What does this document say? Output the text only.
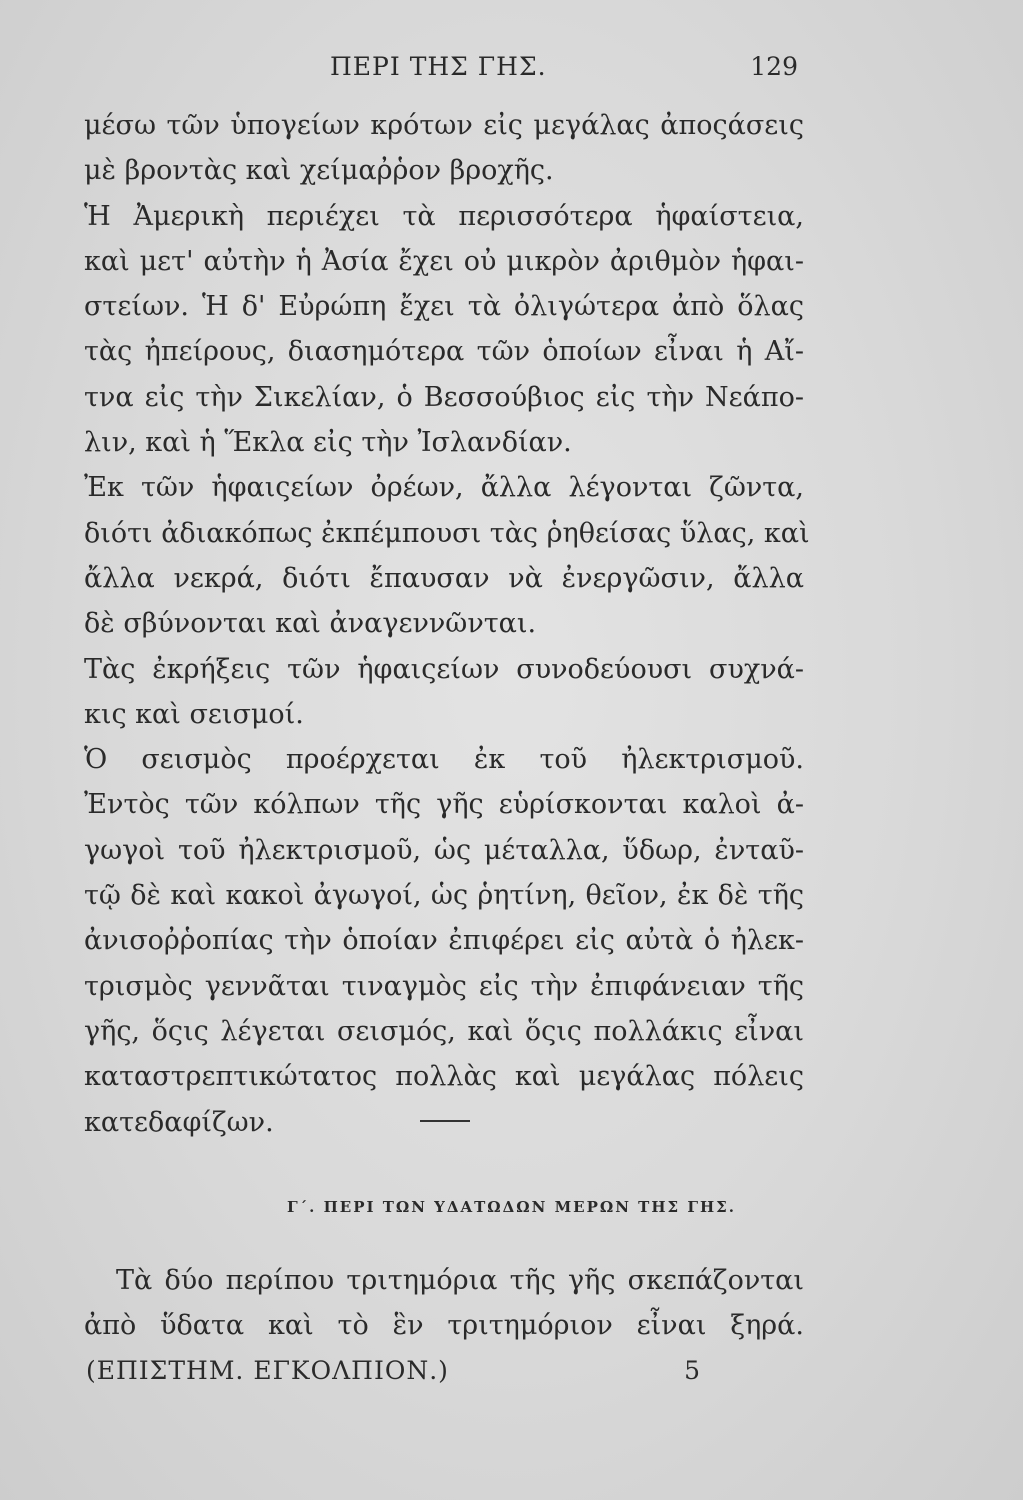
ΠΕΡΙ ΤΗΣ ΓΗΣ.	129
μέσω τῶν ὑπογείων κρότων εἰς μεγάλας ἀποςάσεις
μὲ βροντὰς καὶ χείμαῤῥον βροχῆς.
Ἡ Ἀμερικὴ περιέχει τὰ περισσότερα ἡφαίστεια,
καὶ μετ' αὐτὴν ἡ Ἀσία ἔχει οὐ μικρὸν ἀριθμὸν ἡφαι-
στείων. Ἡ δ' Εὐρώπη ἔχει τὰ ὀλιγώτερα ἀπὸ ὅλας
τὰς ἠπείρους, διασημότερα τῶν ὁποίων εἶναι ἡ Αἴ-
τνα εἰς τὴν Σικελίαν, ὁ Βεσσούβιος εἰς τὴν Νεάπο-
λιν, καὶ ἡ Ἕκλα εἰς τὴν Ἰσλανδίαν.
Ἐκ τῶν ἡφαιςείων ὀρέων, ἄλλα λέγονται ζῶντα,
διότι ἀδιακόπως ἐκπέμπουσι τὰς ῥηθείσας ὕλας, καὶ
ἄλλα νεκρά, διότι ἔπαυσαν νὰ ἐνεργῶσιν, ἄλλα
δὲ σβύνονται καὶ ἀναγεννῶνται.
Τὰς ἐκρήξεις τῶν ἡφαιςείων συνοδεύουσι συχνά-
κις καὶ σεισμοί.
Ὁ σεισμὸς προέρχεται ἐκ τοῦ ἠλεκτρισμοῦ.
Ἐντὸς τῶν κόλπων τῆς γῆς εὑρίσκονται καλοὶ ἀ-
γωγοὶ τοῦ ἠλεκτρισμοῦ, ὡς μέταλλα, ὕδωρ, ἐνταῦ-
τῷ δὲ καὶ κακοὶ ἀγωγοί, ὡς ῥητίνη, θεῖον, ἐκ δὲ τῆς
ἀνισοῤῥοπίας τὴν ὁποίαν ἐπιφέρει εἰς αὐτὰ ὁ ἠλεκ-
τρισμὸς γεννᾶται τιναγμὸς εἰς τὴν ἐπιφάνειαν τῆς
γῆς, ὅςις λέγεται σεισμός, καὶ ὅςις πολλάκις εἶναι
καταστρεπτικώτατος πολλὰς καὶ μεγάλας πόλεις
κατεδαφίζων.
Γ΄. ΠΕΡΙ ΤΩΝ ΥΔΑΤΩΔΩΝ ΜΕΡΩΝ ΤΗΣ ΓΗΣ.
Τὰ δύο περίπου τριτημόρια τῆς γῆς σκεπάζονται
ἀπὸ ὕδατα καὶ τὸ ἓν τριτημόριον εἶναι ξηρά.
(ΕΠΙΣΤΗΜ. ΕΓΚΟΛΠΙΟΝ.)	5
